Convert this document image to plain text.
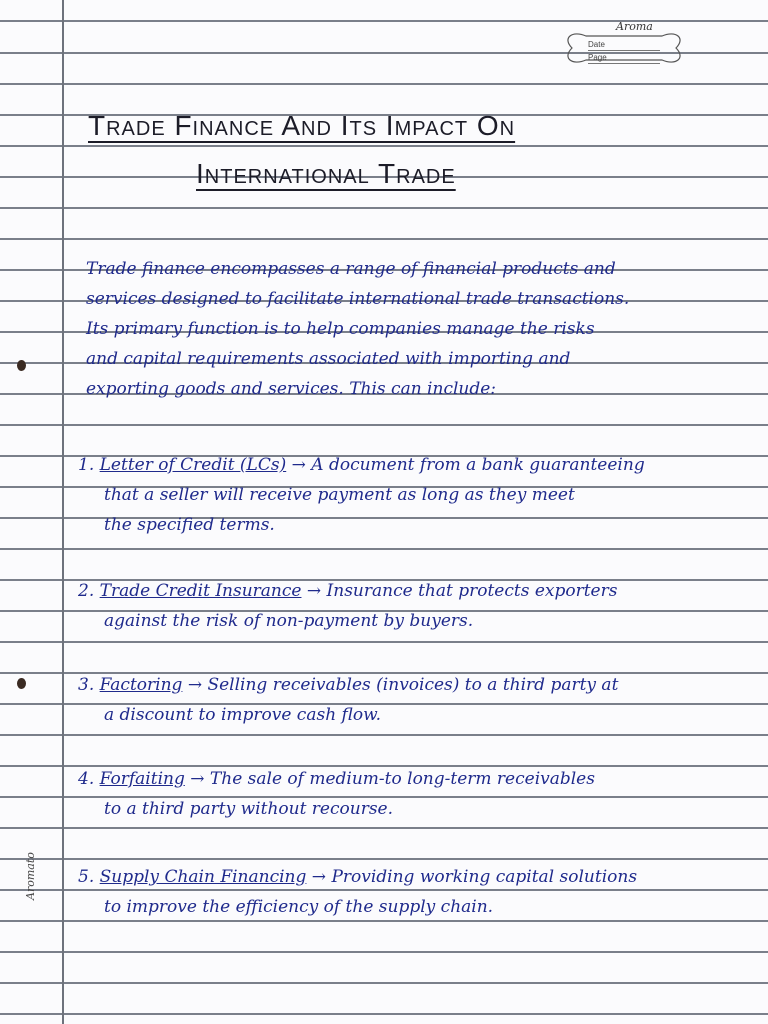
Aroma
Date
Page
Trade Finance And Its Impact On
International Trade
Trade finance encompasses a range of financial products and
services designed to facilitate international trade transactions.
Its primary function is to help companies manage the risks
and capital requirements associated with importing and
exporting goods and services. This can include:
1. Letter of Credit (LCs) → A document from a bank guaranteeing
that a seller will receive payment as long as they meet
the specified terms.
2. Trade Credit Insurance → Insurance that protects exporters
against the risk of non-payment by buyers.
3. Factoring → Selling receivables (invoices) to a third party at
a discount to improve cash flow.
4. Forfaiting → The sale of medium-to long-term receivables
to a third party without recourse.
5. Supply Chain Financing → Providing working capital solutions
to improve the efficiency of the supply chain.
Aromato
